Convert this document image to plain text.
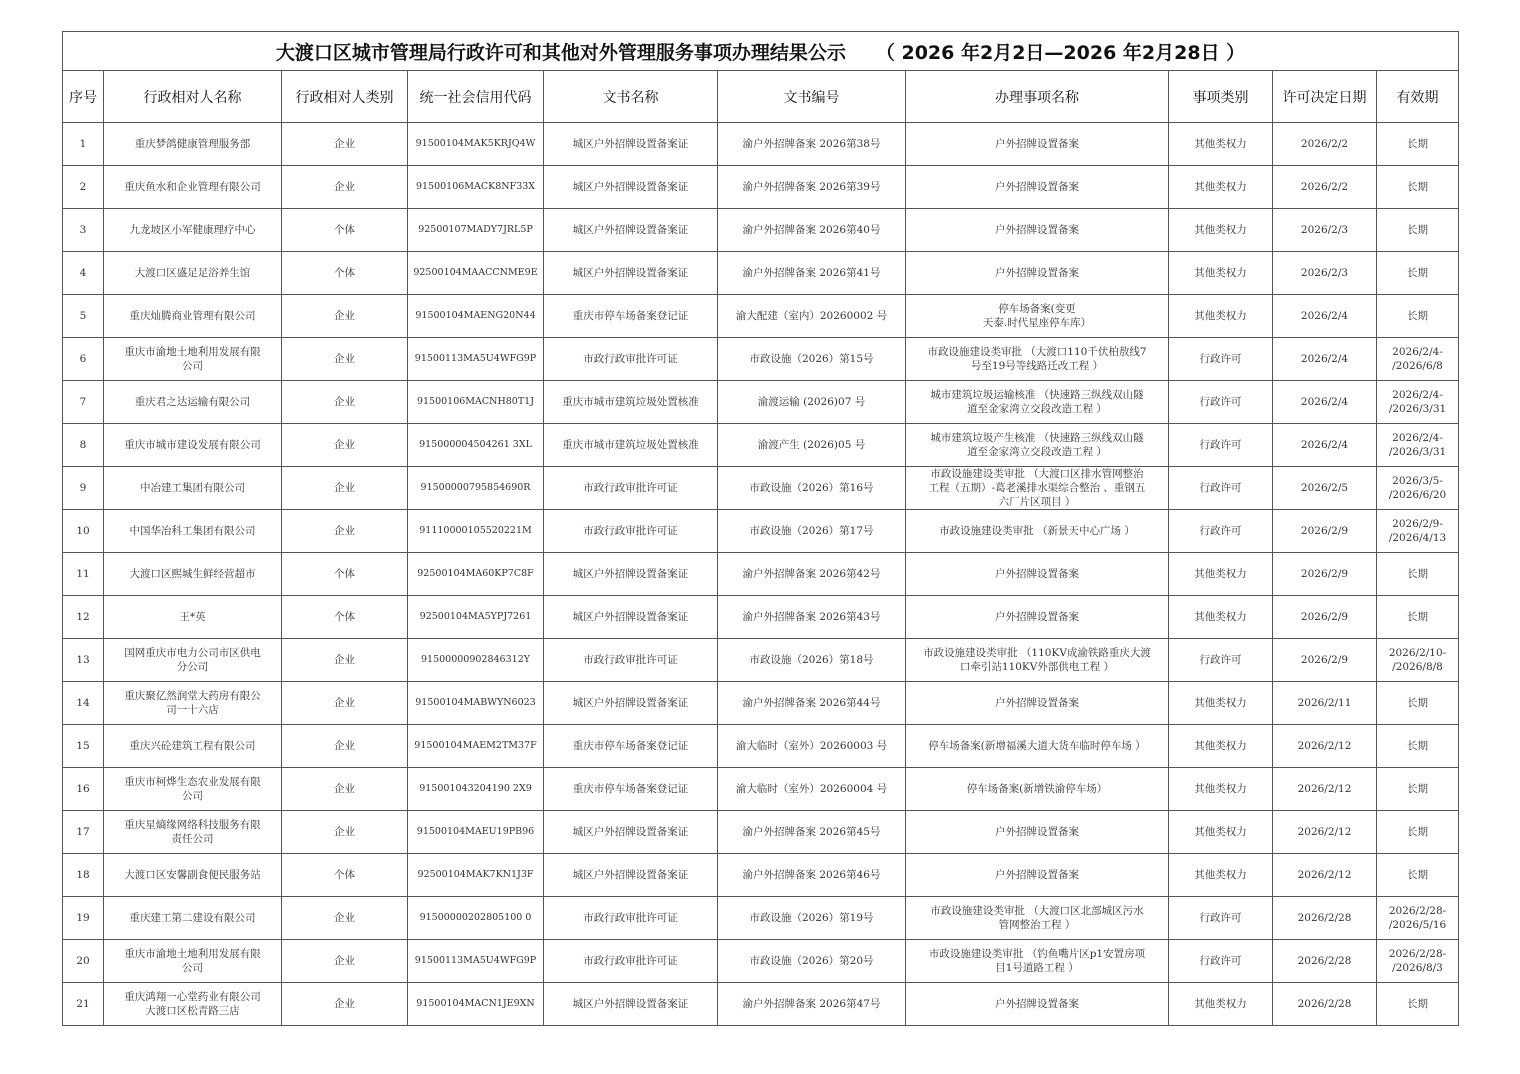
大渡口区城市管理局行政许可和其他对外管理服务事项办理结果公示 （ 2026 年2月2日—2026 年2月28日 ）									
序号	行政相对人名称	行政相对人类别	统一社会信用代码	文书名称	文书编号	办理事项名称	事项类别	许可决定日期	有效期
1	重庆梦鸽健康管理服务部	企业	91500104MAK5KRJQ4W	城区户外招牌设置备案证	渝户外招牌备案 2026第38号	户外招牌设置备案	其他类权力	2026/2/2	长期
2	重庆鱼水和企业管理有限公司	企业	91500106MACK8NF33X	城区户外招牌设置备案证	渝户外招牌备案 2026第39号	户外招牌设置备案	其他类权力	2026/2/2	长期
3	九龙坡区小军健康理疗中心	个体	92500107MADY7JRL5P	城区户外招牌设置备案证	渝户外招牌备案 2026第40号	户外招牌设置备案	其他类权力	2026/2/3	长期
4	大渡口区盛足足浴养生馆	个体	92500104MAACCNME9E	城区户外招牌设置备案证	渝户外招牌备案 2026第41号	户外招牌设置备案	其他类权力	2026/2/3	长期
5	重庆灿腾商业管理有限公司	企业	91500104MAENG20N44	重庆市停车场备案登记证	渝大配建（室内）20260002 号	停车场备案(变更
天泰.时代星座停车库）	其他类权力	2026/2/4	长期
6	重庆市渝地土地利用发展有限
公司	企业	91500113MA5U4WFG9P	市政行政审批许可证	市政设施（2026）第15号	市政设施建设类审批 （大渡口110千伏柏敖线7
号至19号等线路迁改工程 ）	行政许可	2026/2/4	2026/2/4-
/2026/6/8
7	重庆君之达运输有限公司	企业	91500106MACNH80T1J	重庆市城市建筑垃圾处置核准	渝渡运输 (2026)07 号	城市建筑垃圾运输核准 （快速路三纵线双山隧
道至金家湾立交段改造工程 ）	行政许可	2026/2/4	2026/2/4-
/2026/3/31
8	重庆市城市建设发展有限公司	企业	915000004504261 3XL	重庆市城市建筑垃圾处置核准	渝渡产生 (2026)05 号	城市建筑垃圾产生核准 （快速路三纵线双山隧
道至金家湾立交段改造工程 ）	行政许可	2026/2/4	2026/2/4-
/2026/3/31
9	中冶建工集团有限公司	企业	91500000795854690R	市政行政审批许可证	市政设施（2026）第16号	市政设施建设类审批 （大渡口区排水管网整治
工程（五期）-葛老溪排水渠综合整治 、重钢五
六厂片区项目 ）	行政许可	2026/2/5	2026/3/5-
/2026/6/20
10	中国华冶科工集团有限公司	企业	91110000105520221M	市政行政审批许可证	市政设施（2026）第17号	市政设施建设类审批 （新景天中心广场 ）	行政许可	2026/2/9	2026/2/9-
/2026/4/13
11	大渡口区熙城生鲜经营超市	个体	92500104MA60KP7C8F	城区户外招牌设置备案证	渝户外招牌备案 2026第42号	户外招牌设置备案	其他类权力	2026/2/9	长期
12	王*英	个体	92500104MA5YPJ7261	城区户外招牌设置备案证	渝户外招牌备案 2026第43号	户外招牌设置备案	其他类权力	2026/2/9	长期
13	国网重庆市电力公司市区供电
分公司	企业	91500000902846312Y	市政行政审批许可证	市政设施（2026）第18号	市政设施建设类审批 （110KV成渝铁路重庆大渡
口牵引站110KV外部供电工程 ）	行政许可	2026/2/9	2026/2/10-
/2026/8/8
14	重庆聚亿然润堂大药房有限公
司一十六店	企业	91500104MABWYN6023	城区户外招牌设置备案证	渝户外招牌备案 2026第44号	户外招牌设置备案	其他类权力	2026/2/11	长期
15	重庆兴砼建筑工程有限公司	企业	91500104MAEM2TM37F	重庆市停车场备案登记证	渝大临时（室外）20260003 号	停车场备案(新增福溪大道大货车临时停车场 ）	其他类权力	2026/2/12	长期
16	重庆市柯烨生态农业发展有限
公司	企业	915001043204190 2X9	重庆市停车场备案登记证	渝大临时（室外）20260004 号	停车场备案(新增铁渝停车场）	其他类权力	2026/2/12	长期
17	重庆星熵缘网络科技服务有限
责任公司	企业	91500104MAEU19PB96	城区户外招牌设置备案证	渝户外招牌备案 2026第45号	户外招牌设置备案	其他类权力	2026/2/12	长期
18	大渡口区安馨副食便民服务站	个体	92500104MAK7KN1J3F	城区户外招牌设置备案证	渝户外招牌备案 2026第46号	户外招牌设置备案	其他类权力	2026/2/12	长期
19	重庆建工第二建设有限公司	企业	91500000202805100 0	市政行政审批许可证	市政设施（2026）第19号	市政设施建设类审批 （大渡口区北部城区污水
管网整治工程 ）	行政许可	2026/2/28	2026/2/28-
/2026/5/16
20	重庆市渝地土地利用发展有限
公司	企业	91500113MA5U4WFG9P	市政行政审批许可证	市政设施（2026）第20号	市政设施建设类审批 （钓鱼嘴片区p1安置房项
目1号道路工程 ）	行政许可	2026/2/28	2026/2/28-
/2026/8/3
21	重庆鸿翔一心堂药业有限公司
大渡口区松青路三店	企业	91500104MACN1JE9XN	城区户外招牌设置备案证	渝户外招牌备案 2026第47号	户外招牌设置备案	其他类权力	2026/2/28	长期
